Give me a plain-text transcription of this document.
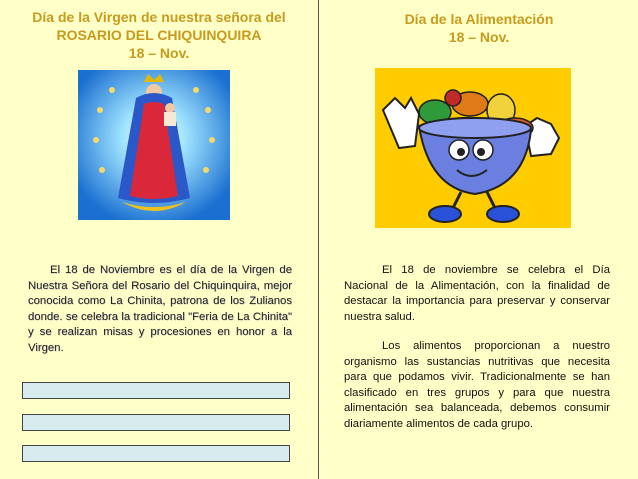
Día de la Virgen de nuestra señora del
ROSARIO DEL CHIQUINQUIRA
18 – Nov.

El 18 de Noviembre es el día de la Virgen de Nuestra Señora del Rosario del Chiquinquira, mejor conocida como La Chinita, patrona de los Zulianos donde. se celebra la tradicional "Feria de La Chinita" y se realizan misas y procesiones en honor a la Virgen.

Día de la Alimentación
18 – Nov.

El 18 de noviembre se celebra el Día Nacional de la Alimentación, con la finalidad de destacar la importancia para preservar y conservar nuestra salud.

Los alimentos proporcionan a nuestro organismo las sustancias nutritivas que necesita para que podamos vivir. Tradicionalmente se han clasificado en tres grupos y para que nuestra alimentación sea balanceada, debemos consumir diariamente alimentos de cada grupo.
